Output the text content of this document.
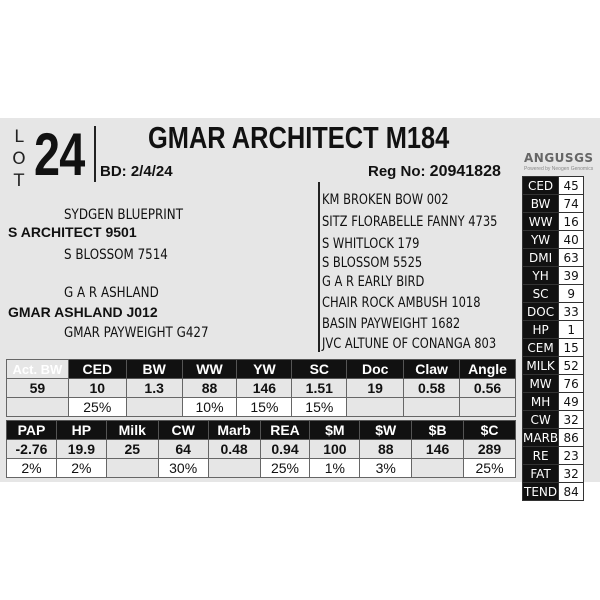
L
O
T 24 GMAR ARCHITECT M184
BD: 2/4/24	Reg No: 20941828
ANGUSGS
Powered by Neogen Genomics
SYDGEN BLUEPRINT
S ARCHITECT 9501
S BLOSSOM 7514
G A R ASHLAND
GMAR ASHLAND J012
GMAR PAYWEIGHT G427
KM BROKEN BOW 002
SITZ FLORABELLE FANNY 4735
S WHITLOCK 179
S BLOSSOM 5525
G A R EARLY BIRD
CHAIR ROCK AMBUSH 1018
BASIN PAYWEIGHT 1682
JVC ALTUNE OF CONANGA 803
Act. BW	CED	BW	WW	YW	SC	Doc	Claw	Angle
59	10	1.3	88	146	1.51	19	0.58	0.56
	25%		10%	15%	15%			
PAP	HP	Milk	CW	Marb	REA	$M	$W	$B	$C
-2.76	19.9	25	64	0.48	0.94	100	88	146	289
2%	2%		30%		25%	1%	3%		25%
CED	45
BW	74
WW	16
YW	40
DMI	63
YH	39
SC	9
DOC	33
HP	1
CEM	15
MILK	52
MW	76
MH	49
CW	32
MARB	86
RE	23
FAT	32
TEND	84
